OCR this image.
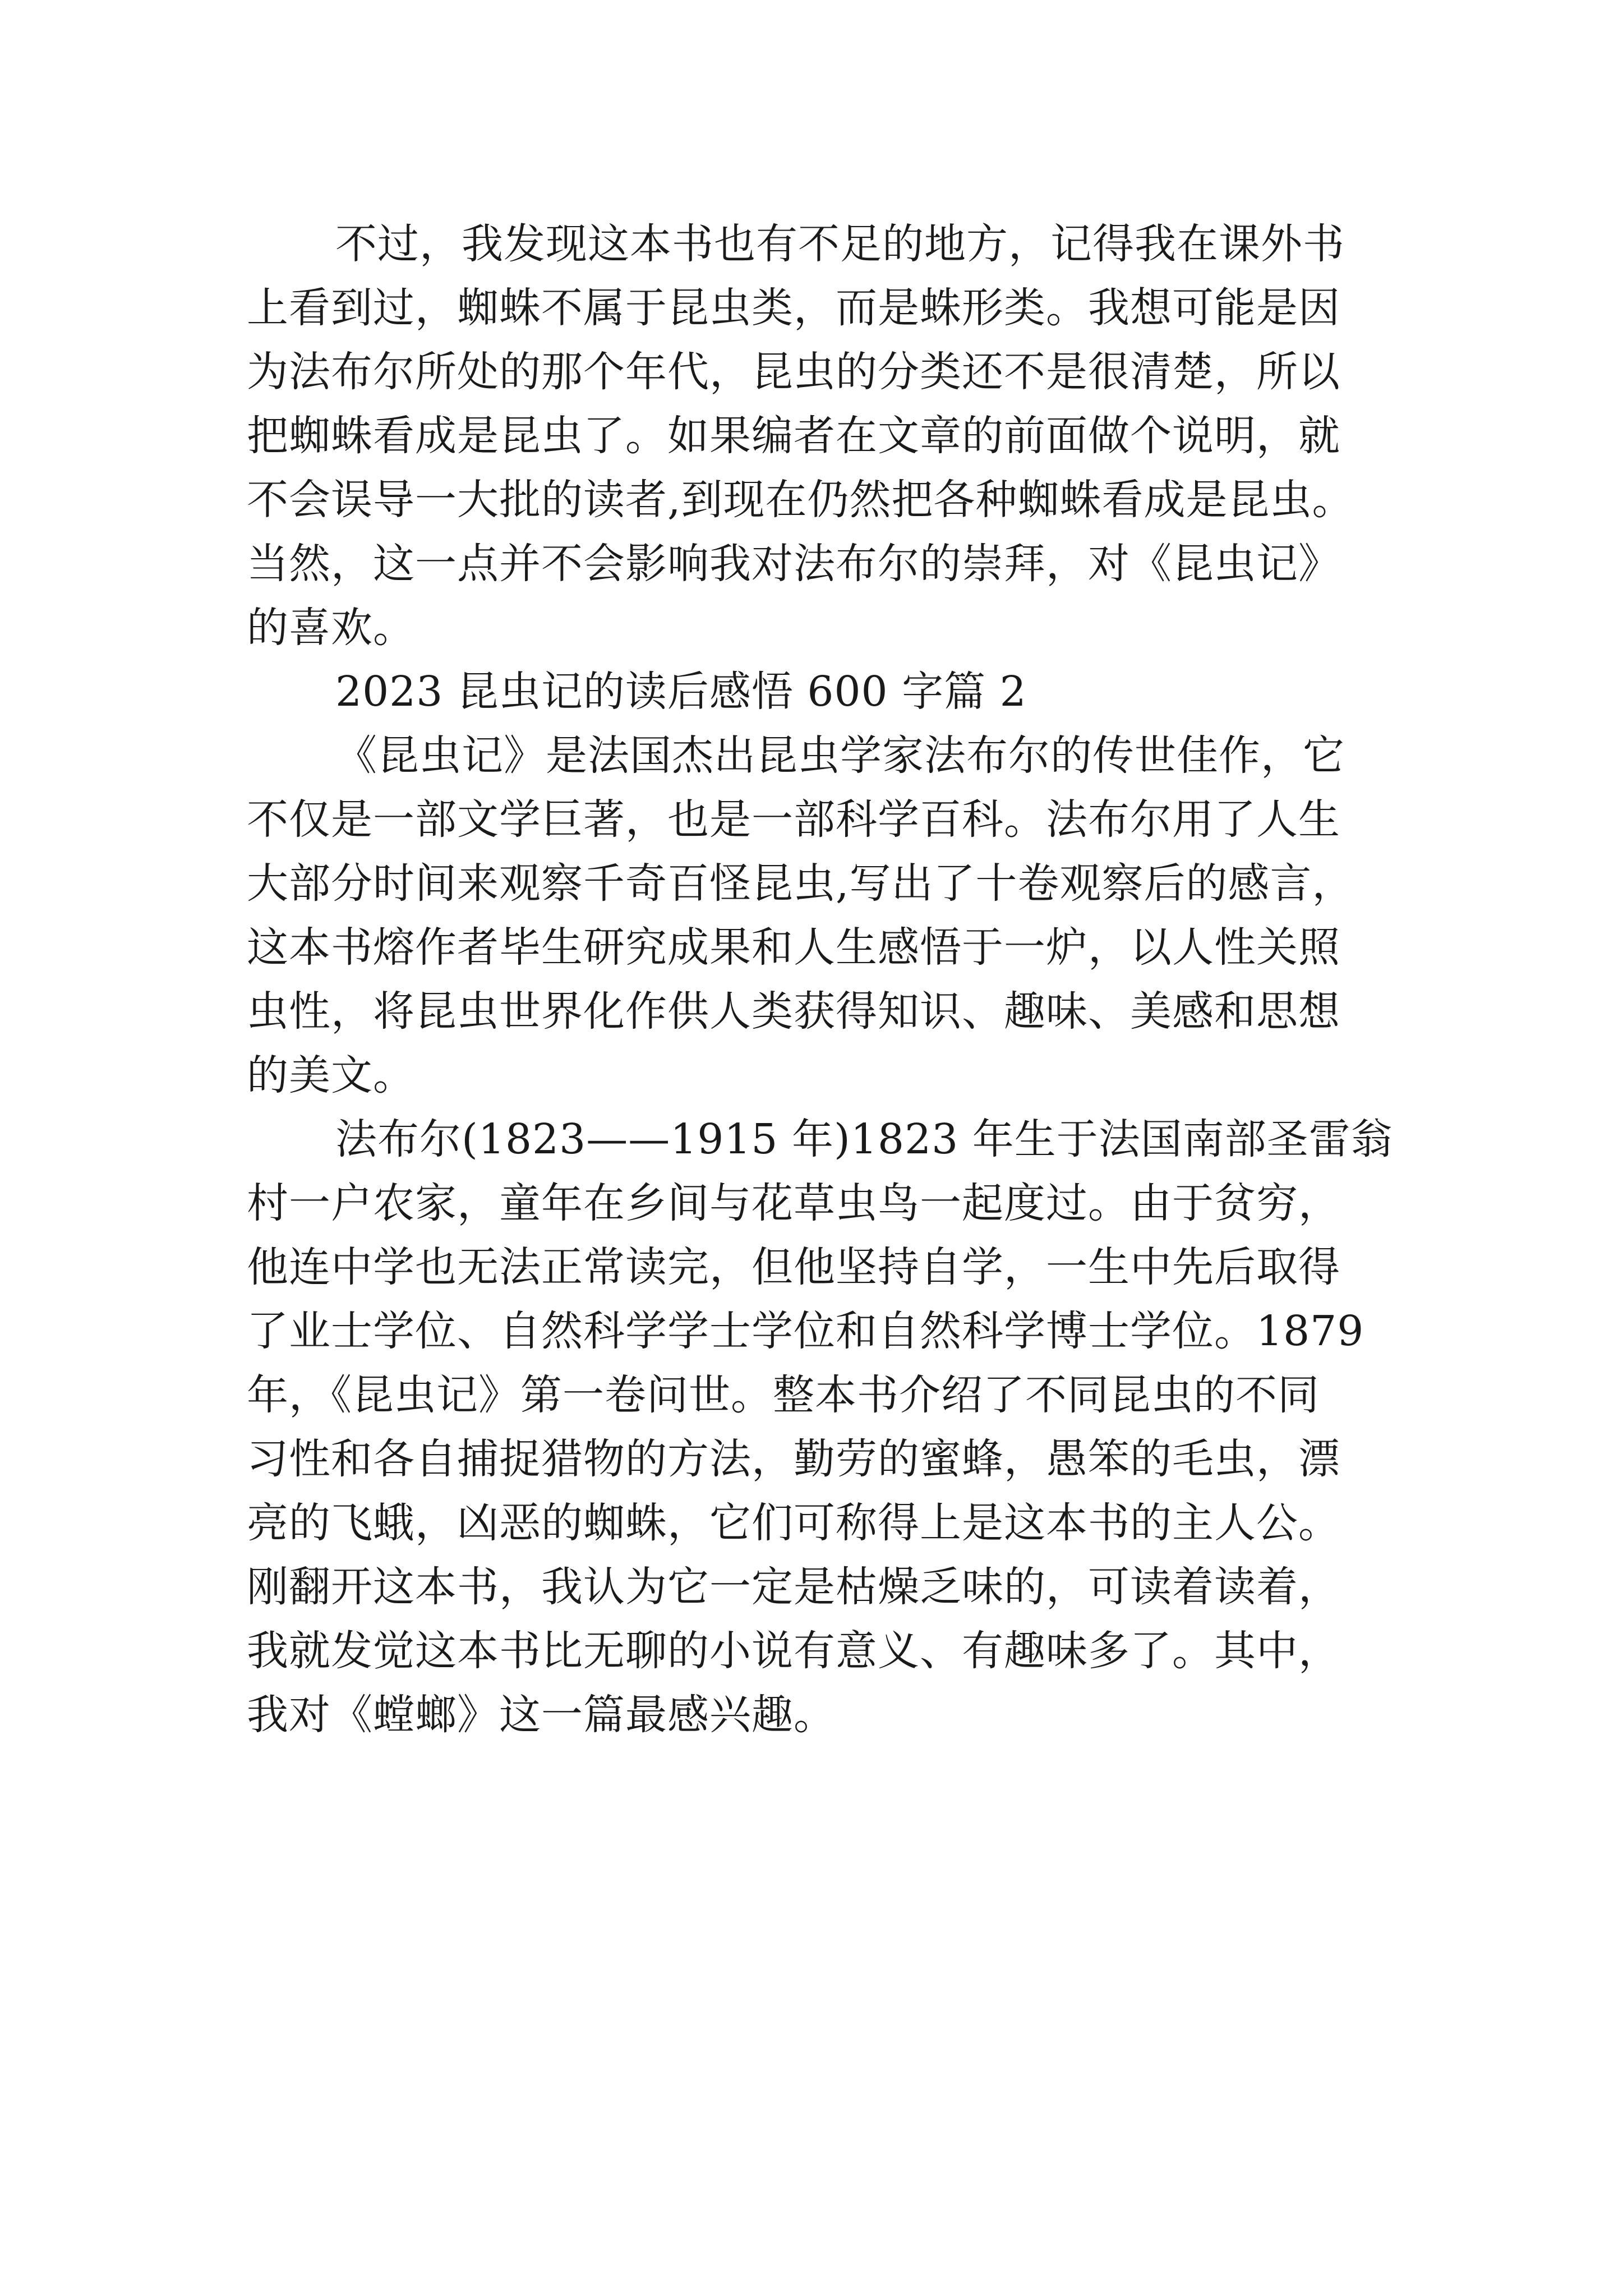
不过，我发现这本书也有不足的地方，记得我在课外书

上看到过，蜘蛛不属于昆虫类，而是蛛形类。我想可能是因

为法布尔所处的那个年代，昆虫的分类还不是很清楚，所以

把蜘蛛看成是昆虫了。如果编者在文章的前面做个说明，就

不会误导一大批的读者,到现在仍然把各种蜘蛛看成是昆虫。

当然，这一点并不会影响我对法布尔的崇拜，对《昆虫记》

的喜欢。

2023 昆虫记的读后感悟 600 字篇 2

《昆虫记》是法国杰出昆虫学家法布尔的传世佳作，它

不仅是一部文学巨著，也是一部科学百科。法布尔用了人生

大部分时间来观察千奇百怪昆虫,写出了十卷观察后的感言，

这本书熔作者毕生研究成果和人生感悟于一炉，以人性关照

虫性，将昆虫世界化作供人类获得知识、趣味、美感和思想

的美文。

法布尔(1823——1915 年)1823 年生于法国南部圣雷翁

村一户农家，童年在乡间与花草虫鸟一起度过。由于贫穷，

他连中学也无法正常读完，但他坚持自学，一生中先后取得

了业士学位、自然科学学士学位和自然科学博士学位。1879

年，《昆虫记》第一卷问世。整本书介绍了不同昆虫的不同

习性和各自捕捉猎物的方法，勤劳的蜜蜂，愚笨的毛虫，漂

亮的飞蛾，凶恶的蜘蛛，它们可称得上是这本书的主人公。

刚翻开这本书，我认为它一定是枯燥乏味的，可读着读着，

我就发觉这本书比无聊的小说有意义、有趣味多了。其中，

我对《螳螂》这一篇最感兴趣。
